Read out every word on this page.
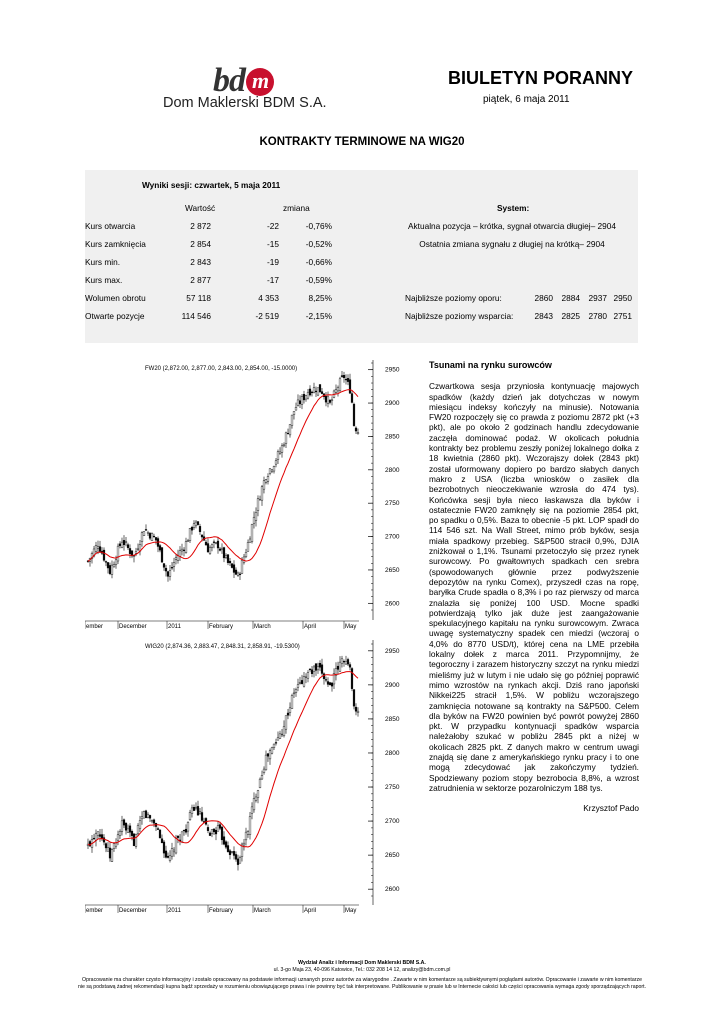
bd m
Dom Maklerski BDM S.A.
BIULETYN PORANNY
piątek, 6 maja 2011
KONTRAKTY TERMINOWE NA WIG20
Wyniki sesji: czwartek, 5 maja 2011
Wartość	zmiana	System:
Kurs otwarcia	2 872	-22	-0,76%
Kurs zamknięcia	2 854	-15	-0,52%
Kurs min.	2 843	-19	-0,66%
Kurs max.	2 877	-17	-0,59%
Wolumen obrotu	57 118	4 353	8,25%
Otwarte pozycje	114 546	-2 519	-2,15%
Aktualna pozycja – krótka, sygnał otwarcia długiej– 2904
Ostatnia zmiana sygnału z długiej na krótką– 2904
Najbliższe poziomy oporu:	2860	2884	2937 2950
Najbliższe poziomy wsparcia:	2843	2825	2780 2751
FW20 (2,872.00, 2,877.00, 2,843.00, 2,854.00, -15.0000)	2950
2900
2850
2800
2750
2700
2650
2600
ember	December	2011	February	March	April	May
WIG20 (2,874.36, 2,883.47, 2,848.31, 2,858.91, -19.5300)
2950
2900
2850
2800
2750
2700
2650
2600
ember	December	2011	February	March	April	May
Tsunami na rynku surowców

Czwartkowa sesja przyniosła kontynuację majowych spadków (każdy dzień jak dotychczas w nowym miesiącu indeksy kończyły na minusie). Notowania FW20 rozpoczęły się co prawda z poziomu 2872 pkt (+3 pkt), ale po około 2 godzinach handlu zdecydowanie zaczęła dominować podaż. W okolicach południa kontrakty bez problemu zeszły poniżej lokalnego dołka z 18 kwietnia (2860 pkt). Wczorajszy dołek (2843 pkt) został uformowany dopiero po bardzo słabych danych makro z USA (liczba wniosków o zasiłek dla bezrobotnych nieoczekiwanie wzrosła do 474 tys). Końcówka sesji była nieco łaskawsza dla byków i ostatecznie FW20 zamknęły się na poziomie 2854 pkt, po spadku o 0,5%. Baza to obecnie -5 pkt. LOP spadł do 114 546 szt. Na Wall Street, mimo prób byków, sesja miała spadkowy przebieg. S&P500 stracił 0,9%, DJIA zniżkował o 1,1%. Tsunami przetoczyło się przez rynek surowcowy. Po gwałtownych spadkach cen srebra (spowodowanych głównie przez podwyższenie depozytów na rynku Comex), przyszedł czas na ropę, baryłka Crude spadła o 8,3% i po raz pierwszy od marca znalazła się poniżej 100 USD. Mocne spadki potwierdzają tylko jak duże jest zaangażowanie spekulacyjnego kapitału na rynku surowcowym. Zwraca uwagę systematyczny spadek cen miedzi (wczoraj o 4,0% do 8770 USD/t), której cena na LME przebiła lokalny dołek z marca 2011. Przypomnijmy, że tegoroczny i zarazem historyczny szczyt na rynku miedzi mieliśmy już w lutym i nie udało się go później poprawić mimo wzrostów na rynkach akcji. Dziś rano japoński Nikkei225 stracił 1,5%. W pobliżu wczorajszego zamknięcia notowane są kontrakty na S&P500. Celem dla byków na FW20 powinien być powrót powyżej 2860 pkt. W przypadku kontynuacji spadków wsparcia należałoby szukać w pobliżu 2845 pkt a niżej w okolicach 2825 pkt. Z danych makro w centrum uwagi znajdą się dane z amerykańskiego rynku pracy i to one mogą zdecydować jak zakończymy tydzień. Spodziewany poziom stopy bezrobocia 8,8%, a wzrost zatrudnienia w sektorze pozarolniczym 188 tys.

Krzysztof Pado
Wydział Analiz i Informacji Dom Maklerski BDM S.A.
ul. 3-go Maja 23, 40-096 Katowice, Tel.: 032 208 14 12, analizy@bdm.com.pl
Opracowanie ma charakter czysto informacyjny i zostało opracowany na podstawie informacji uznanych przez autorów za wiarygodne . Zawarte w nim komentarze są subiektywnymi poglądami autorów. Opracowanie i zawarte w nim komentarze
nie są podstawą żadnej rekomendacji kupna bądź sprzedaży w rozumieniu obowiązującego prawa i nie powinny być tak interpretowane. Publikowanie w prasie lub w Internecie całości lub części opracowania wymaga zgody sporządzających raport.
